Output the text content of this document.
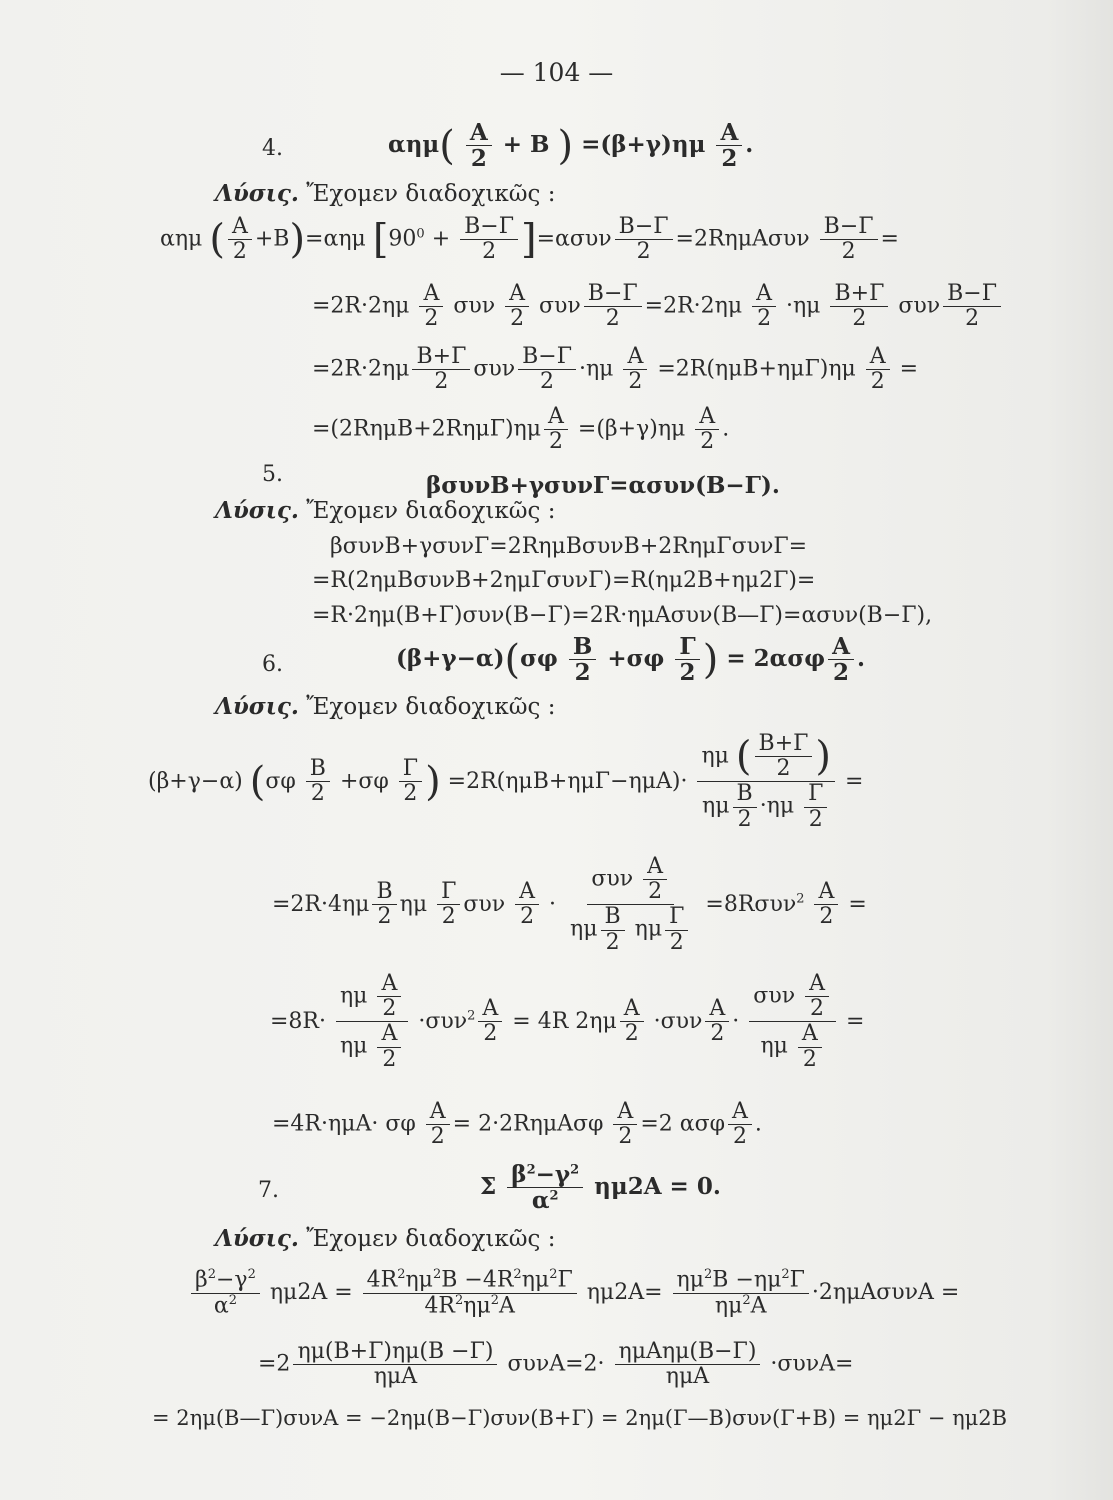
— 104 —
4.	$\alpha\eta\mu( \frac{A}{2} + B$ ) $=(\beta+\gamma)\eta\mu \frac{A}{2}$ .
Λύσις. Ἔχομεν διαδοχικῶς :
αημ ( $\frac{A}{2} +B)=\alpha\eta\mu$ $[90^0 + \frac{B-\Gamma}{2} ]=\alpha\sigma\upsilon\nu \frac{B-\Gamma}{2} =2R\eta\mu A\sigma\upsilon\nu \frac{B-\Gamma}{2}$ =
$=2R\cdot 2\eta\mu \frac{A}{2}$ συν $\frac{A}{2}$ συν $\frac{B-\Gamma}{2} =2R\cdot 2\eta\mu \frac{A}{2} \cdot\eta\mu \frac{B+\Gamma}{2}$ συν $\frac{B-\Gamma}{2}$
$=2R\cdot 2\eta\mu \frac{B+\Gamma}{2}$ συν $\frac{B-\Gamma}{2} \cdot\eta\mu \frac{A}{2} =2R(\eta\mu B+\eta\mu\Gamma)\eta\mu \frac{A}{2}$ =
$=(2R\eta\mu B+2R\eta\mu\Gamma)\eta\mu \frac{A}{2} =(\beta+\gamma)\eta\mu \frac{A}{2}$ .
5.	βσυνB+γσυνΓ=ασυν(B−Γ).
Λύσις. Ἔχομεν διαδοχικῶς :
βσυνB+γσυνΓ=2RημBσυνB+2RημΓσυνΓ=
=R(2ημBσυνB+2ημΓσυνΓ)=R(ημ2B+ημ2Γ)=
=R·2ημ(B+Γ)συν(B−Γ)=2R·ημAσυν(B—Γ)=ασυν(B−Γ),
6.	$(\beta+\gamma-\alpha)(\sigma\varphi \frac{B}{2} +\sigma\varphi \frac{\Gamma}{2}$ ) = $2\alpha\sigma\varphi \frac{A}{2}$ .
Λύσις. Ἔχομεν διαδοχικῶς :
(β+γ−α) ($\sigma\varphi \frac{B}{2} +\sigma\varphi \frac{\Gamma}{2}$ ) $=2R(\eta\mu B+\eta\mu\Gamma-\eta\mu A)\cdot \frac{\eta\mu ( \frac{B+\Gamma}{2} )}{\eta\mu \frac{B}{2} \cdot\eta\mu \frac{\Gamma}{2}}$ =
$=2R\cdot 4\eta\mu \frac{B}{2}$ ημ $\frac{\Gamma}{2}$ συν $\frac{A}{2} \cdot \frac{\sigma\upsilon\nu \frac{A}{2}}{\eta\mu \frac{B}{2} \eta\mu \frac{\Gamma}{2}} =8R\sigma\upsilon\nu^2 \frac{A}{2}$ =
$=8R\cdot \frac{\eta\mu \frac{A}{2}}{\eta\mu \frac{A}{2}} \cdot\sigma\upsilon\nu^2 \frac{A}{2} = 4R$ $2\eta\mu \frac{A}{2} \cdot\sigma\upsilon\nu \frac{A}{2} \cdot \frac{\sigma\upsilon\nu \frac{A}{2}}{\eta\mu \frac{A}{2}}$ =
=4R·ημA· σφ $\frac{A}{2} = 2\cdot 2R\eta\mu A\sigma\varphi \frac{A}{2} =2$ ασφ $\frac{A}{2}$ .
7.	Σ $\frac{\beta^2-\gamma^2}{\alpha^2} \eta\mu 2A = 0$.
Λύσις. Ἔχομεν διαδοχικῶς :
$\frac{\beta^2-\gamma^2}{\alpha^2} \eta\mu 2A = \frac{4R^2\eta\mu^2B -4R^2\eta\mu^2\Gamma}{4R^2\eta\mu^2A} \eta\mu 2A= \frac{\eta\mu^2B -\eta\mu^2\Gamma}{\eta\mu^2A} \cdot 2\eta\mu A\sigma\upsilon\nu A$ =
$=2 \frac{\eta\mu(B+\Gamma)\eta\mu(B -\Gamma)}{\text{ημA}} \sigma\upsilon\nu A=2\cdot \frac{\text{ημAημ(B−Γ)}}{\text{ημA}} \cdot\sigma\upsilon\nu A=$
= 2ημ(B—Γ)συνA = −2ημ(B−Γ)συν(B+Γ) = 2ημ(Γ—B)συν(Γ+B) = ημ2Γ − ημ2B
